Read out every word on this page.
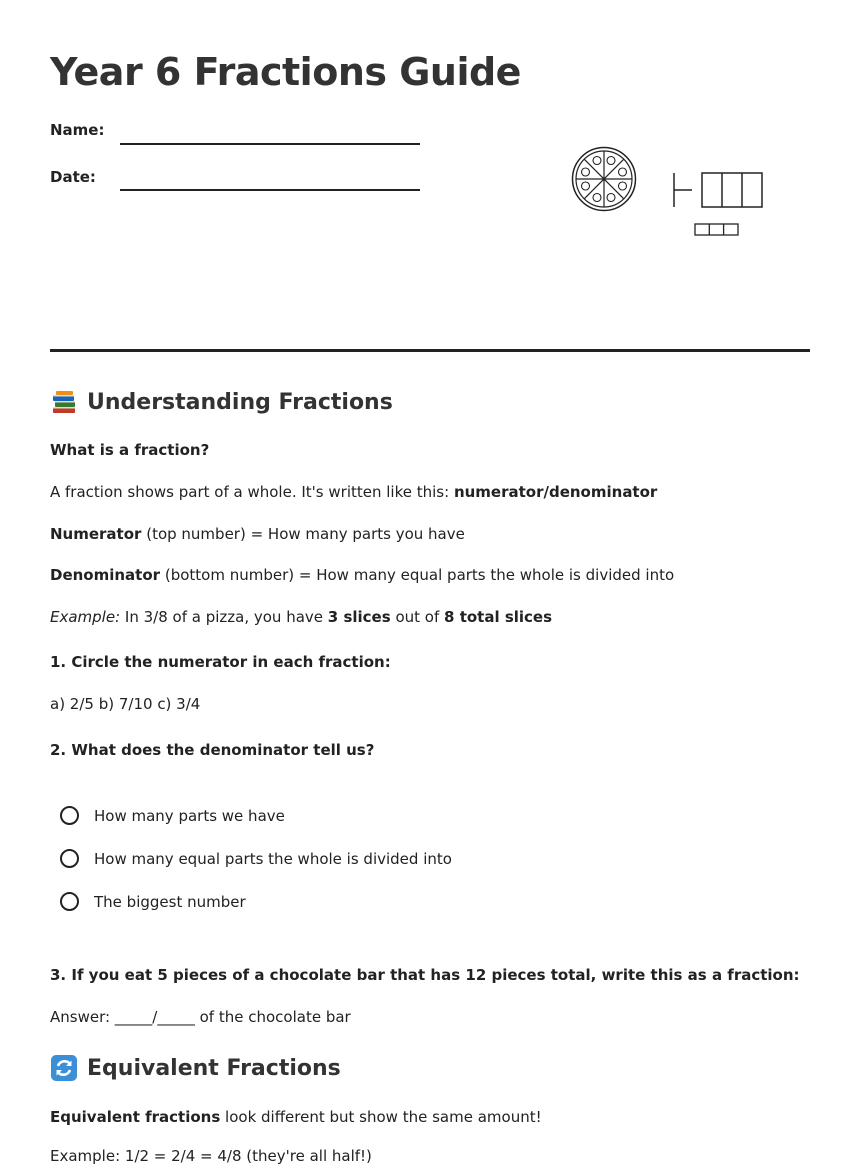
Year 6 Fractions Guide
Name:
Date:
Understanding Fractions

What is a fraction?

A fraction shows part of a whole. It's written like this: numerator/denominator

Numerator (top number) = How many parts you have

Denominator (bottom number) = How many equal parts the whole is divided into

Example: In 3/8 of a pizza, you have 3 slices out of 8 total slices

1. Circle the numerator in each fraction:

a) 2/5 b) 7/10 c) 3/4

2. What does the denominator tell us?

How many parts we have
How many equal parts the whole is divided into
The biggest number

3. If you eat 5 pieces of a chocolate bar that has 12 pieces total, write this as a fraction:

Answer: _____/_____ of the chocolate bar

Equivalent Fractions

Equivalent fractions look different but show the same amount!

Example: 1/2 = 2/4 = 4/8 (they're all half!)
